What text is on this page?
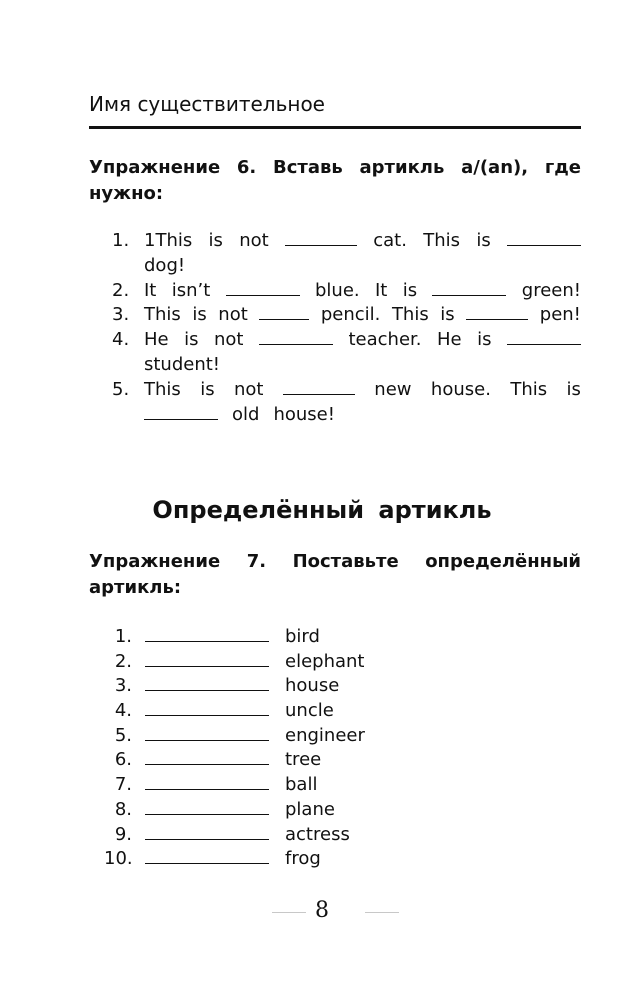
Имя существительное
Упражнение 6. Вставь артикль a/(an), где
нужно:
1. 1This is not	cat. This is
dog!
2. It isn’t	blue. It is	green!
3. This is not	pencil. This is	pen!
4. He is not	teacher. He is
student!
5. This is not	new house. This is
old house!
Определённый артикль
Упражнение 7. Поставьте определённый
артикль:
1.	bird
2.	elephant
3.	house
4.	uncle
5.	engineer
6.	tree
7.	ball
8.	plane
9.	actress
10.	frog
8
